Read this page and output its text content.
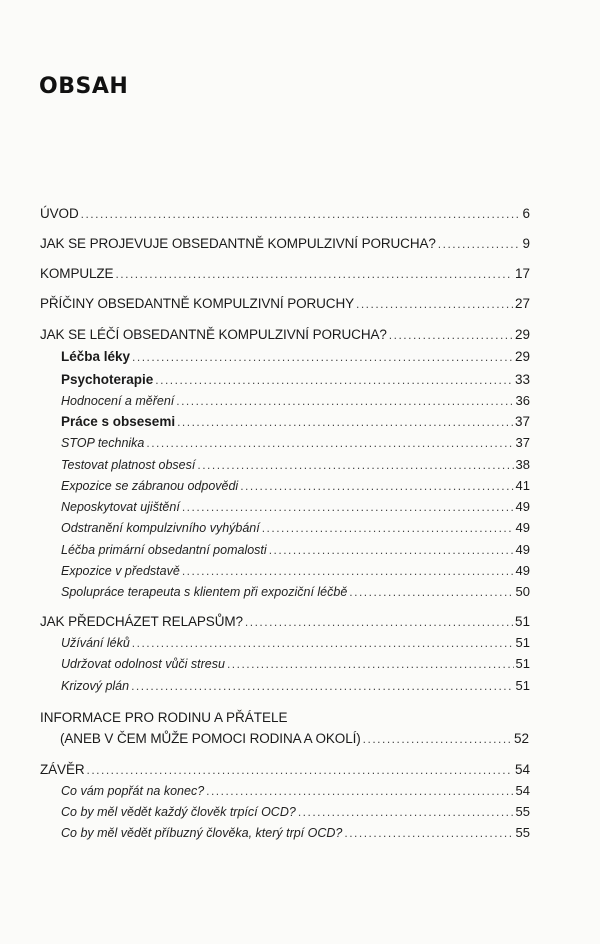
OBSAH
ÚVOD .....	6
JAK SE PROJEVUJE OBSEDANTNĚ KOMPULZIVNÍ PORUCHA? .....	9
KOMPULZE .....	17
PŘÍČINY OBSEDANTNĚ KOMPULZIVNÍ PORUCHY .....	27
JAK SE LÉČÍ OBSEDANTNĚ KOMPULZIVNÍ PORUCHA? .....	29
Léčba léky .....	29
Psychoterapie .....	33
Hodnocení a měření .....	36
Práce s obsesemi .....	37
STOP technika .....	37
Testovat platnost obsesí .....	38
Expozice se zábranou odpovědi .....	41
Neposkytovat ujištění .....	49
Odstranění kompulzivního vyhýbání .....	49
Léčba primární obsedantní pomalosti .....	49
Expozice v představě .....	49
Spolupráce terapeuta s klientem při expoziční léčbě .....	50
JAK PŘEDCHÁZET RELAPSŮM? .....	51
Užívání léků .....	51
Udržovat odolnost vůči stresu .....	51
Krizový plán .....	51
INFORMACE PRO RODINU A PŘÁTELE
(ANEB V ČEM MŮŽE POMOCI RODINA A OKOLÍ) .....	52
ZÁVĚR .....	54
Co vám popřát na konec? .....	54
Co by měl vědět každý člověk trpící OCD? .....	55
Co by měl vědět příbuzný člověka, který trpí OCD? .....	55
